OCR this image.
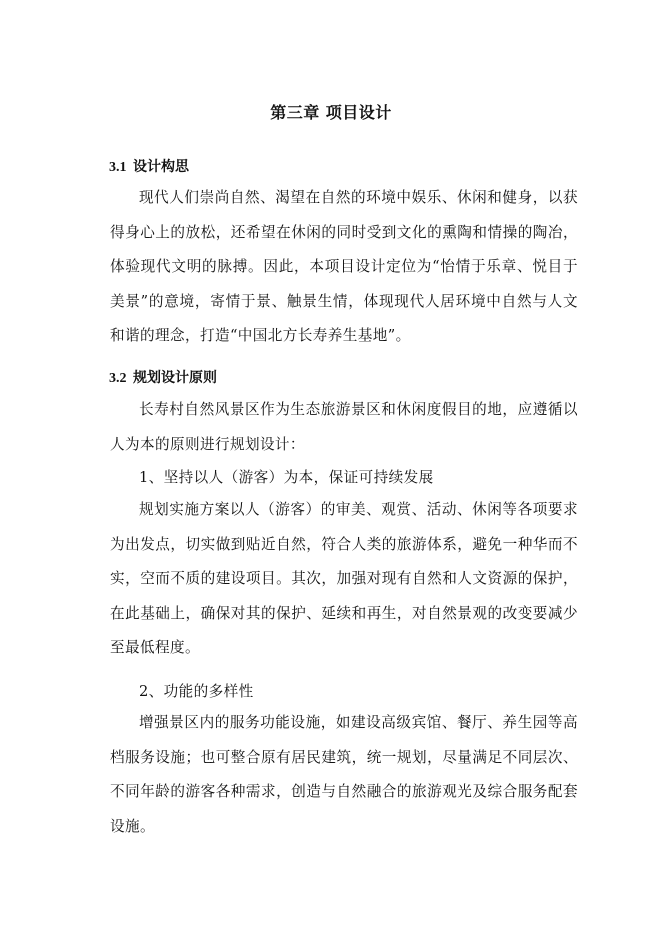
第三章 项目设计
3.1 设计构思

现代人们崇尚自然、渴望在自然的环境中娱乐、休闲和健身，以获得身心上的放松，还希望在休闲的同时受到文化的熏陶和情操的陶冶，体验现代文明的脉搏。因此，本项目设计定位为“怡情于乐章、悦目于美景”的意境，寄情于景、触景生情，体现现代人居环境中自然与人文和谐的理念，打造“中国北方长寿养生基地”。

3.2 规划设计原则

长寿村自然风景区作为生态旅游景区和休闲度假目的地，应遵循以人为本的原则进行规划设计：

1、坚持以人（游客）为本，保证可持续发展

规划实施方案以人（游客）的审美、观赏、活动、休闲等各项要求为出发点，切实做到贴近自然，符合人类的旅游体系，避免一种华而不实，空而不质的建设项目。其次，加强对现有自然和人文资源的保护，在此基础上，确保对其的保护、延续和再生，对自然景观的改变要减少至最低程度。

2、功能的多样性

增强景区内的服务功能设施，如建设高级宾馆、餐厅、养生园等高档服务设施；也可整合原有居民建筑，统一规划，尽量满足不同层次、不同年龄的游客各种需求，创造与自然融合的旅游观光及综合服务配套设施。
